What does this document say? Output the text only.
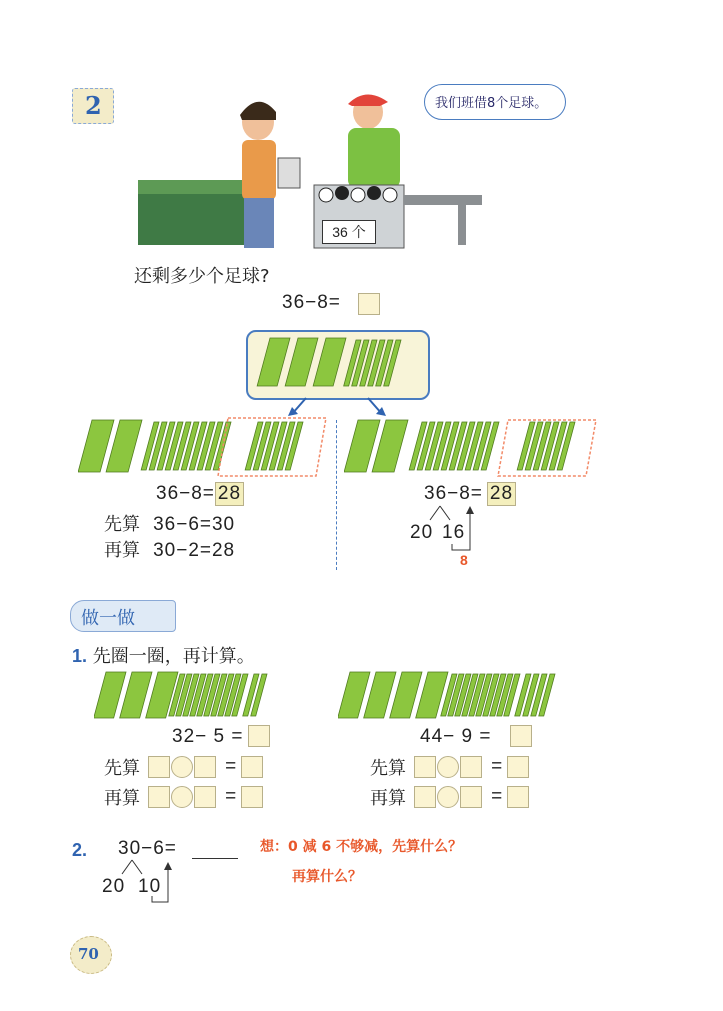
2
36 个
我们班借8个足球。
还剩多少个足球?
36−8=
36−8= 28
先算 36−6=30
再算 30−2=28
36−8= 28
20 16
8
做一做
1. 先圈一圈，再计算。
32− 5 =
先算	=
再算	=
44− 9 =
先算	=
再算	=
2. 30−6=
20 10
想：0 减 6 不够减，先算什么？
再算什么？
70
